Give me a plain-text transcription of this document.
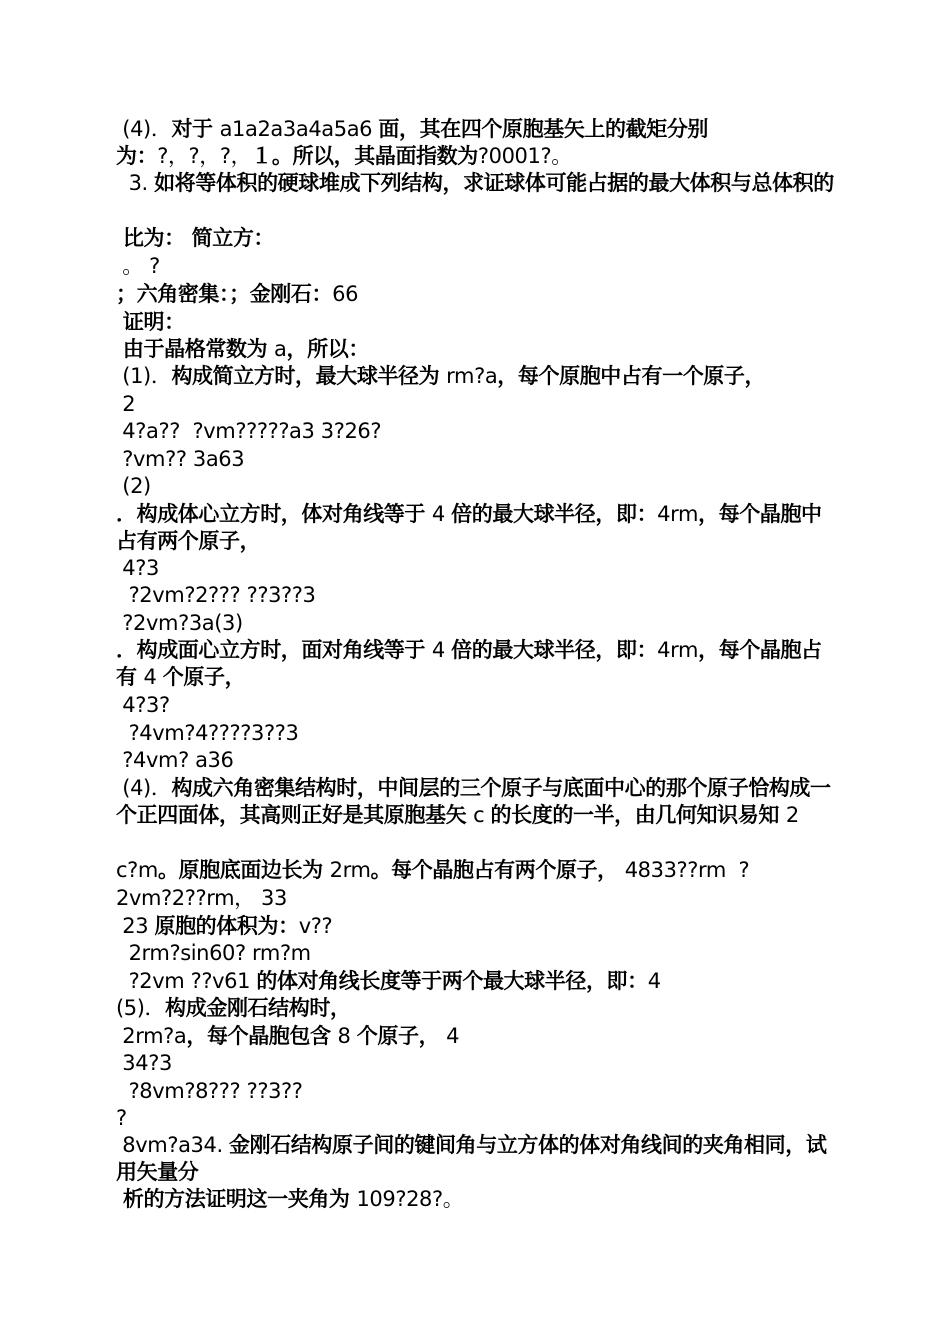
(4)．对于 a1a2a3a4a5a6 面，其在四个原胞基矢上的截矩分别
为：?，?，?，１。所以，其晶面指数为?0001?。
3. 如将等体积的硬球堆成下列结构，求证球体可能占据的最大体积与总体积的
比为： 简立方：
。 ?
；六角密集：；金刚石：66
证明：
由于晶格常数为 a，所以：
(1)．构成简立方时，最大球半径为 rm?a，每个原胞中占有一个原子，
2
4?a??  ?vm?????a3 3?26?
?vm?? 3a63
(2)
．构成体心立方时，体对角线等于 4 倍的最大球半径，即：4rm，每个晶胞中占有两个原子，
4?3
?2vm?2??? ??3??3
?2vm?3a(3)
．构成面心立方时，面对角线等于 4 倍的最大球半径，即：4rm，每个晶胞占有 4 个原子，
4?3?
?4vm?4????3??3
?4vm? a36
(4)．构成六角密集结构时，中间层的三个原子与底面中心的那个原子恰构成一个正四面体，其高则正好是其原胞基矢 c 的长度的一半，由几何知识易知 2
c?m。原胞底面边长为 2rm。每个晶胞占有两个原子， 4833??rm  ?
2vm?2??rm， 33
23 原胞的体积为：v??
2rm?sin60? rm?m
?2vm ??v61 的体对角线长度等于两个最大球半径，即：4
(5)．构成金刚石结构时，
2rm?a，每个晶胞包含 8 个原子， 4
34?3
?8vm?8??? ??3??
?
8vm?a34. 金刚石结构原子间的键间角与立方体的体对角线间的夹角相同，试用矢量分
析的方法证明这一夹角为 109?28?。
